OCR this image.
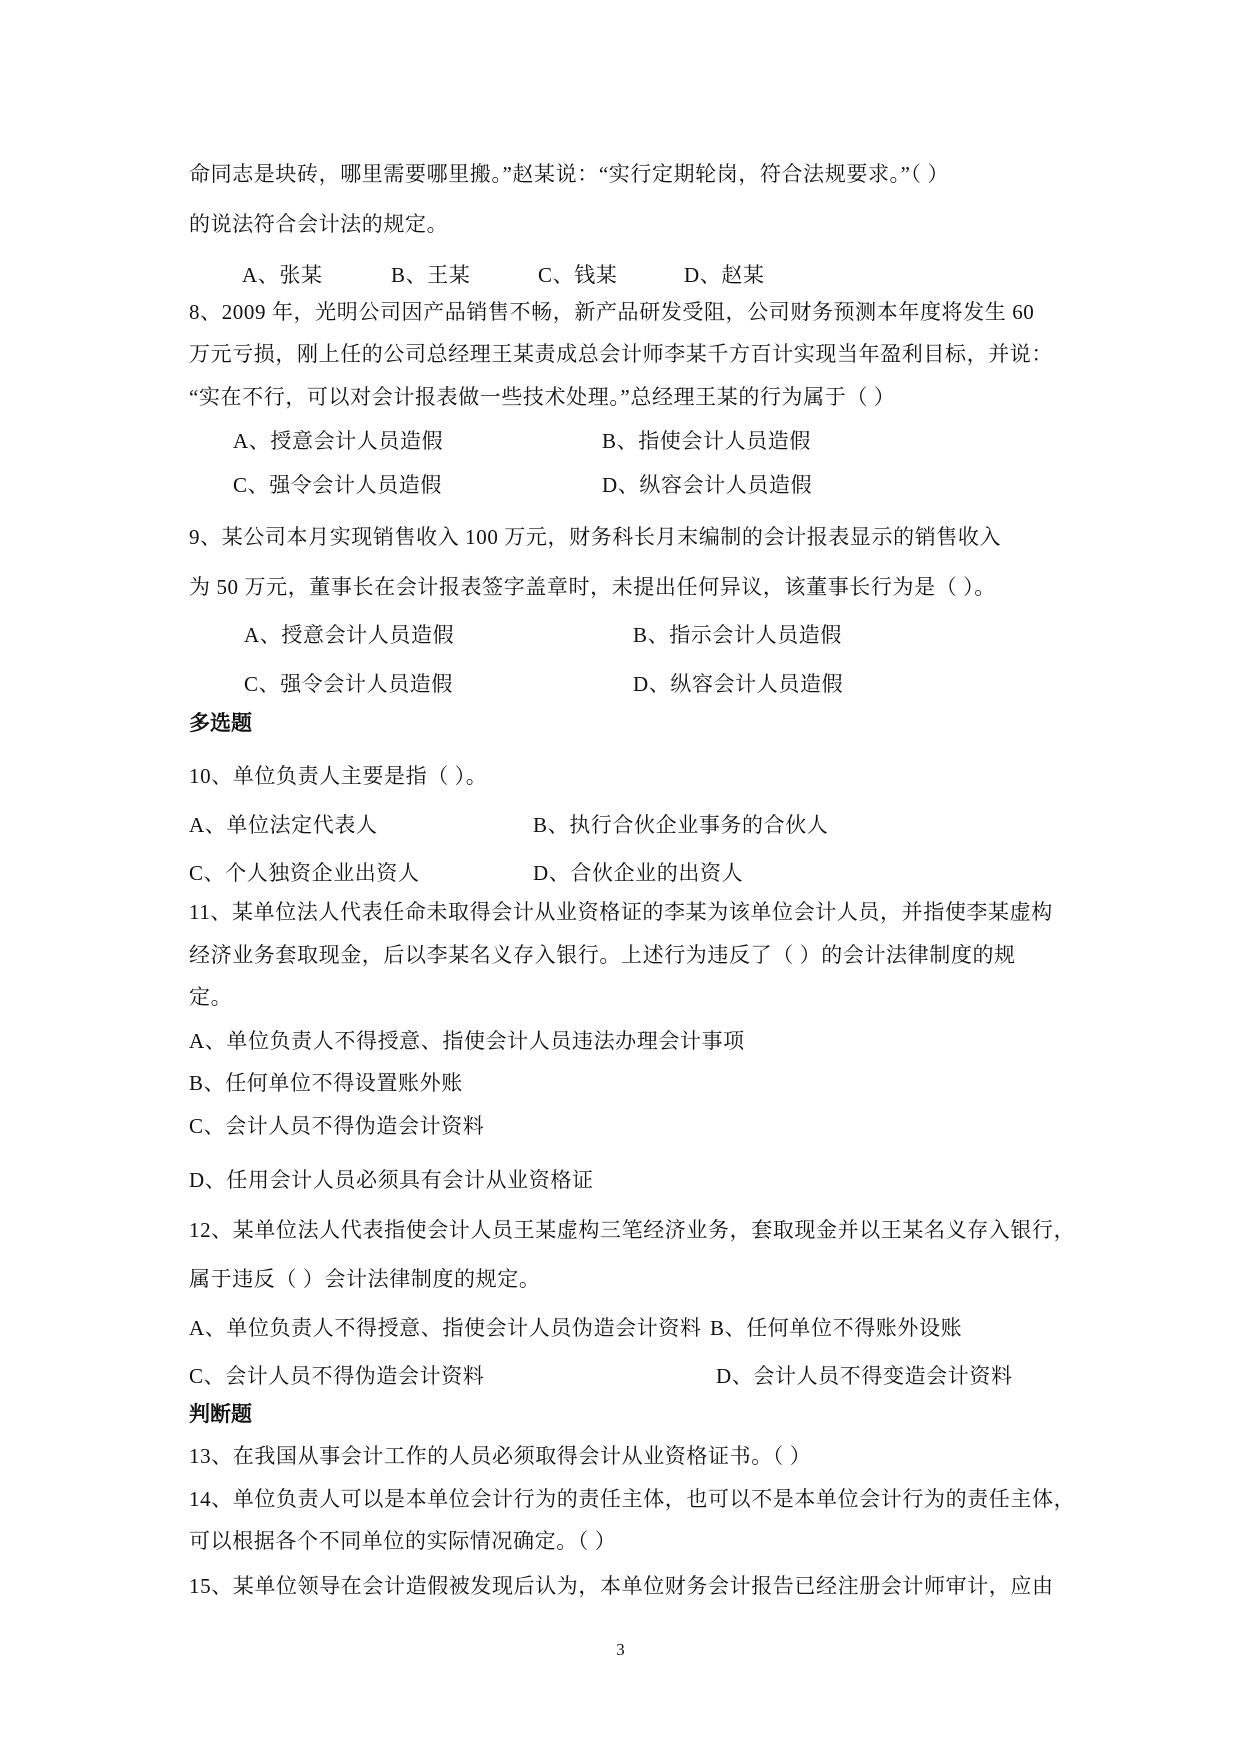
命同志是块砖，哪里需要哪里搬。”赵某说：“实行定期轮岗，符合法规要求。”（ ）
的说法符合会计法的规定。
A、张某	B、王某	C、钱某	D、赵某
8、2009 年，光明公司因产品销售不畅，新产品研发受阻，公司财务预测本年度将发生 60
万元亏损，刚上任的公司总经理王某责成总会计师李某千方百计实现当年盈利目标，并说：
“实在不行，可以对会计报表做一些技术处理。”总经理王某的行为属于（ ）
A、授意会计人员造假	B、指使会计人员造假
C、强令会计人员造假	D、纵容会计人员造假
9、某公司本月实现销售收入 100 万元，财务科长月末编制的会计报表显示的销售收入
为 50 万元，董事长在会计报表签字盖章时，未提出任何异议，该董事长行为是（ ）。
A、授意会计人员造假	B、指示会计人员造假
C、强令会计人员造假	D、纵容会计人员造假
多选题
10、单位负责人主要是指（ ）。
A、单位法定代表人	B、执行合伙企业事务的合伙人
C、个人独资企业出资人	D、合伙企业的出资人
11、某单位法人代表任命未取得会计从业资格证的李某为该单位会计人员，并指使李某虚构
经济业务套取现金，后以李某名义存入银行。上述行为违反了（ ）的会计法律制度的规
定。
A、单位负责人不得授意、指使会计人员违法办理会计事项
B、任何单位不得设置账外账
C、会计人员不得伪造会计资料
D、任用会计人员必须具有会计从业资格证
12、某单位法人代表指使会计人员王某虚构三笔经济业务，套取现金并以王某名义存入银行，
属于违反（ ）会计法律制度的规定。
A、单位负责人不得授意、指使会计人员伪造会计资料 B、任何单位不得账外设账
C、会计人员不得伪造会计资料	D、会计人员不得变造会计资料
判断题
13、在我国从事会计工作的人员必须取得会计从业资格证书。（ ）
14、单位负责人可以是本单位会计行为的责任主体，也可以不是本单位会计行为的责任主体，
可以根据各个不同单位的实际情况确定。（ ）
15、某单位领导在会计造假被发现后认为，本单位财务会计报告已经注册会计师审计，应由
3
